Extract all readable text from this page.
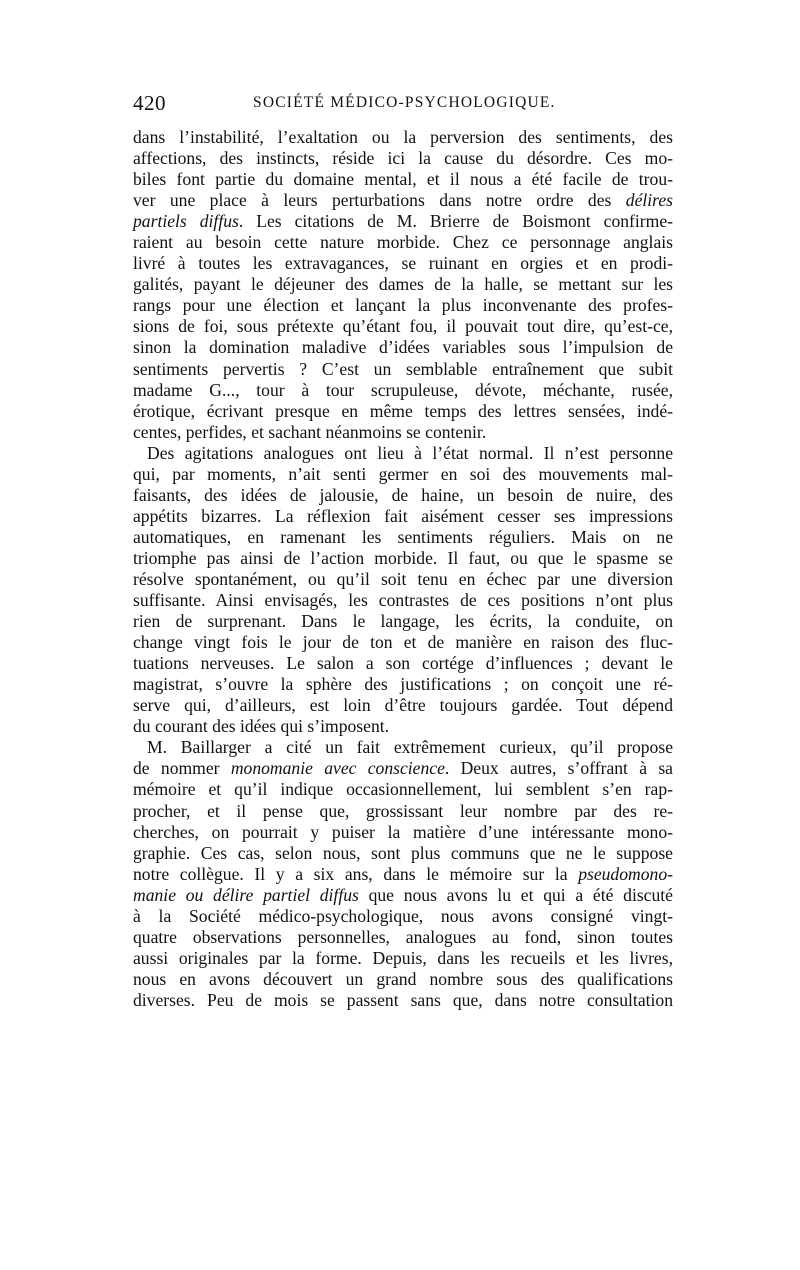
420	SOCIÉTÉ MÉDICO-PSYCHOLOGIQUE.
dans l’instabilité, l’exaltation ou la perversion des sentiments, des
affections, des instincts, réside ici la cause du désordre. Ces mo-
biles font partie du domaine mental, et il nous a été facile de trou-
ver une place à leurs perturbations dans notre ordre des délires
partiels diffus. Les citations de M. Brierre de Boismont confirme-
raient au besoin cette nature morbide. Chez ce personnage anglais
livré à toutes les extravagances, se ruinant en orgies et en prodi-
galités, payant le déjeuner des dames de la halle, se mettant sur les
rangs pour une élection et lançant la plus inconvenante des profes-
sions de foi, sous prétexte qu’étant fou, il pouvait tout dire, qu’est-ce,
sinon la domination maladive d’idées variables sous l’impulsion de
sentiments pervertis ? C’est un semblable entraînement que subit
madame G..., tour à tour scrupuleuse, dévote, méchante, rusée,
érotique, écrivant presque en même temps des lettres sensées, indé-
centes, perfides, et sachant néanmoins se contenir.
Des agitations analogues ont lieu à l’état normal. Il n’est personne
qui, par moments, n’ait senti germer en soi des mouvements mal-
faisants, des idées de jalousie, de haine, un besoin de nuire, des
appétits bizarres. La réflexion fait aisément cesser ses impressions
automatiques, en ramenant les sentiments réguliers. Mais on ne
triomphe pas ainsi de l’action morbide. Il faut, ou que le spasme se
résolve spontanément, ou qu’il soit tenu en échec par une diversion
suffisante. Ainsi envisagés, les contrastes de ces positions n’ont plus
rien de surprenant. Dans le langage, les écrits, la conduite, on
change vingt fois le jour de ton et de manière en raison des fluc-
tuations nerveuses. Le salon a son cortége d’influences ; devant le
magistrat, s’ouvre la sphère des justifications ; on conçoit une ré-
serve qui, d’ailleurs, est loin d’être toujours gardée. Tout dépend
du courant des idées qui s’imposent.
M. Baillarger a cité un fait extrêmement curieux, qu’il propose
de nommer monomanie avec conscience. Deux autres, s’offrant à sa
mémoire et qu’il indique occasionnellement, lui semblent s’en rap-
procher, et il pense que, grossissant leur nombre par des re-
cherches, on pourrait y puiser la matière d’une intéressante mono-
graphie. Ces cas, selon nous, sont plus communs que ne le suppose
notre collègue. Il y a six ans, dans le mémoire sur la pseudomono-
manie ou délire partiel diffus que nous avons lu et qui a été discuté
à la Société médico-psychologique, nous avons consigné vingt-
quatre observations personnelles, analogues au fond, sinon toutes
aussi originales par la forme. Depuis, dans les recueils et les livres,
nous en avons découvert un grand nombre sous des qualifications
diverses. Peu de mois se passent sans que, dans notre consultation
